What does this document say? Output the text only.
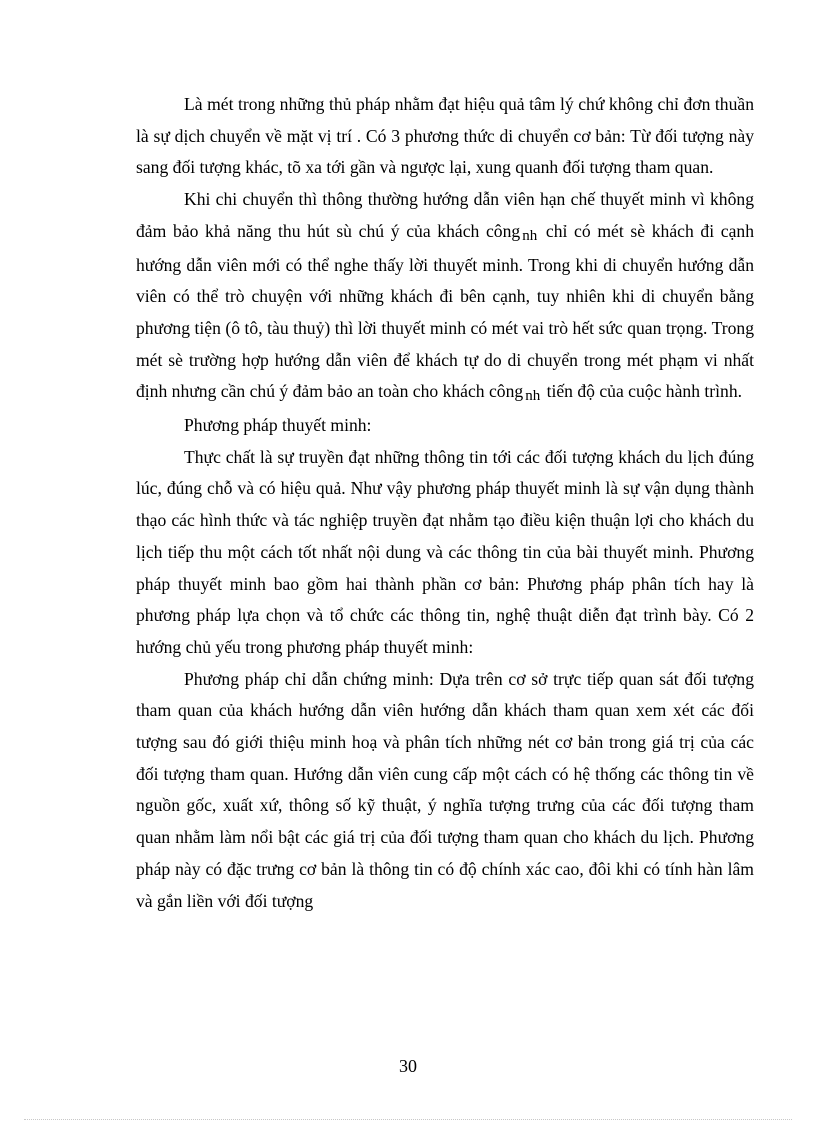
Là mét trong những thủ pháp nhằm đạt hiệu quả tâm lý chứ không chỉ đơn thuần là sự dịch chuyển về mặt vị trí . Có 3 phương thức di chuyển cơ bản: Từ đối tượng này sang đối tượng khác, tõ xa tới gần và ngược lại, xung quanh đối tượng tham quan.

Khi chi chuyển thì thông thường hướng dẫn viên hạn chế thuyết minh vì không đảm bảo khả năng thu hút sù chú ý của khách công nh chỉ có mét sè khách đi cạnh hướng dẫn viên mới có thể nghe thấy lời thuyết minh. Trong khi di chuyển hướng dẫn viên có thể trò chuyện với những khách đi bên cạnh, tuy nhiên khi di chuyển bằng phương tiện (ô tô, tàu thuỷ) thì lời thuyết minh có mét vai trò hết sức quan trọng. Trong mét sè trường hợp hướng dẫn viên để khách tự do di chuyển trong mét phạm vi nhất định nhưng cần chú ý đảm bảo an toàn cho khách công nh tiến độ của cuộc hành trình.

Phương pháp thuyết minh:

Thực chất là sự truyền đạt những thông tin tới các đối tượng khách du lịch đúng lúc, đúng chỗ và có hiệu quả. Như vậy phương pháp thuyết minh là sự vận dụng thành thạo các hình thức và tác nghiệp truyền đạt nhằm tạo điều kiện thuận lợi cho khách du lịch tiếp thu một cách tốt nhất nội dung và các thông tin của bài thuyết minh. Phương pháp thuyết minh bao gồm hai thành phần cơ bản: Phương pháp phân tích hay là phương pháp lựa chọn và tổ chức các thông tin, nghệ thuật diễn đạt trình bày. Có 2 hướng chủ yếu trong phương pháp thuyết minh:

Phương pháp chỉ dẫn chứng minh: Dựa trên cơ sở trực tiếp quan sát đối tượng tham quan của khách hướng dẫn viên hướng dẫn khách tham quan xem xét các đối tượng sau đó giới thiệu minh hoạ và phân tích những nét cơ bản trong giá trị của các đối tượng tham quan. Hướng dẫn viên cung cấp một cách có hệ thống các thông tin về nguồn gốc, xuất xứ, thông số kỹ thuật, ý nghĩa tượng trưng của các đối tượng tham quan nhằm làm nổi bật các giá trị của đối tượng tham quan cho khách du lịch. Phương pháp này có đặc trưng cơ bản là thông tin có độ chính xác cao, đôi khi có tính hàn lâm và gắn liền với đối tượng

30
